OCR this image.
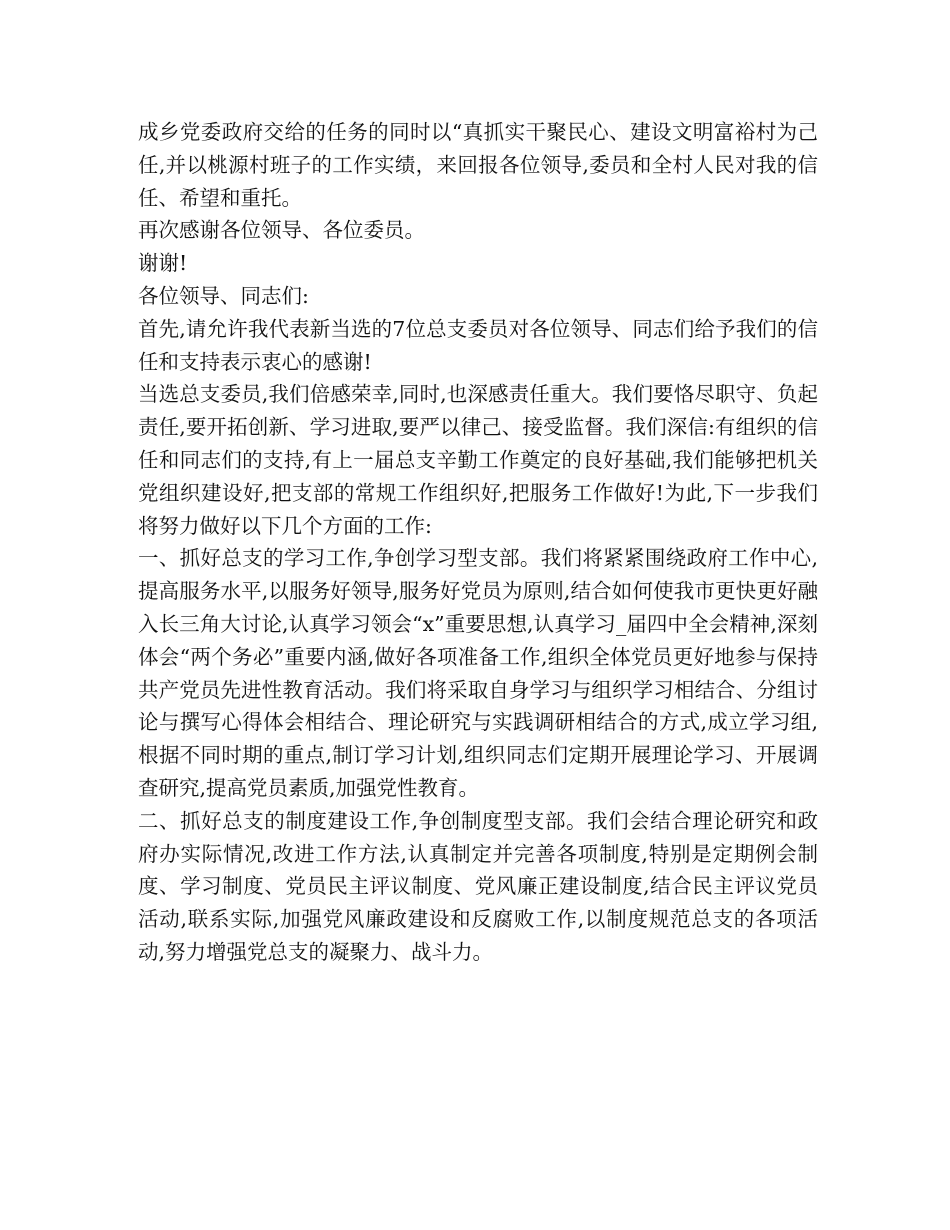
成乡党委政府交给的任务的同时以“真抓实干聚民心、建设文明富裕村为己任,并以桃源村班子的工作实绩，来回报各位领导,委员和全村人民对我的信任、希望和重托。

再次感谢各位领导、各位委员。

谢谢!

各位领导、同志们:

首先,请允许我代表新当选的7位总支委员对各位领导、同志们给予我们的信任和支持表示衷心的感谢!

当选总支委员,我们倍感荣幸,同时,也深感责任重大。我们要恪尽职守、负起责任,要开拓创新、学习进取,要严以律己、接受监督。我们深信:有组织的信任和同志们的支持,有上一届总支辛勤工作奠定的良好基础,我们能够把机关党组织建设好,把支部的常规工作组织好,把服务工作做好!为此,下一步我们将努力做好以下几个方面的工作:

一、抓好总支的学习工作,争创学习型支部。我们将紧紧围绕政府工作中心,提高服务水平,以服务好领导,服务好党员为原则,结合如何使我市更快更好融入长三角大讨论,认真学习领会“x”重要思想,认真学习_届四中全会精神,深刻体会“两个务必”重要内涵,做好各项准备工作,组织全体党员更好地参与保持共产党员先进性教育活动。我们将采取自身学习与组织学习相结合、分组讨论与撰写心得体会相结合、理论研究与实践调研相结合的方式,成立学习组,根据不同时期的重点,制订学习计划,组织同志们定期开展理论学习、开展调查研究,提高党员素质,加强党性教育。

二、抓好总支的制度建设工作,争创制度型支部。我们会结合理论研究和政府办实际情况,改进工作方法,认真制定并完善各项制度,特别是定期例会制度、学习制度、党员民主评议制度、党风廉正建设制度,结合民主评议党员活动,联系实际,加强党风廉政建设和反腐败工作,以制度规范总支的各项活动,努力增强党总支的凝聚力、战斗力。
